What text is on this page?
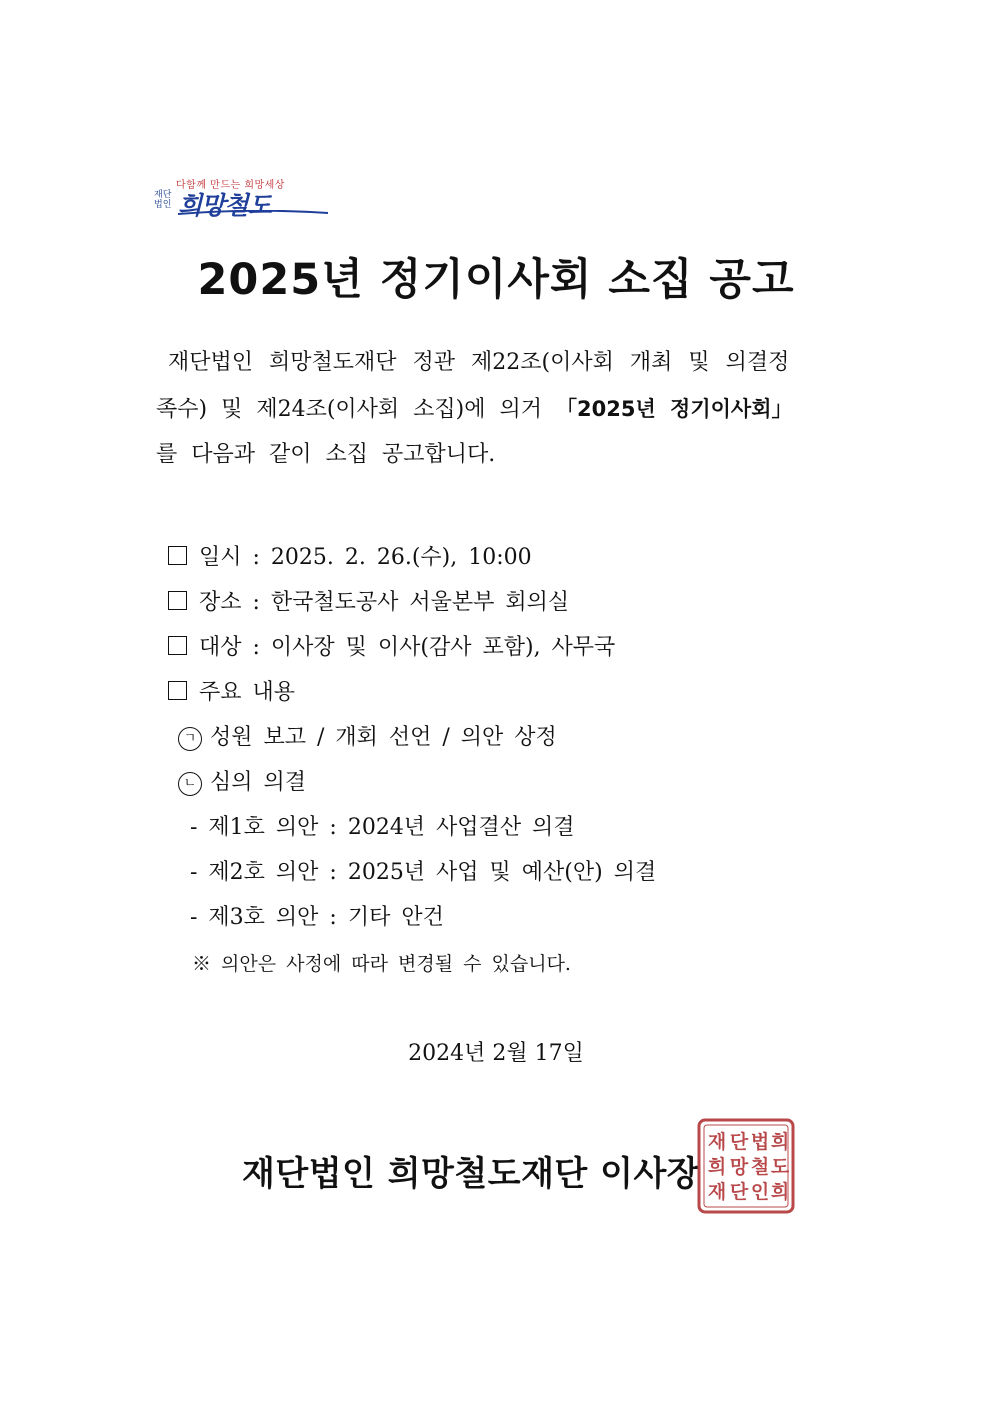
다함께 만드는 희망세상
재단
법인 희망철도
2025년 정기이사회 소집 공고
재단법인 희망철도재단 정관 제22조(이사회 개최 및 의결정
족수) 및 제24조(이사회 소집)에 의거 「2025년 정기이사회」
를 다음과 같이 소집 공고합니다.
일시 : 2025. 2. 26.(수), 10:00
장소 : 한국철도공사 서울본부 회의실
대상 : 이사장 및 이사(감사 포함), 사무국
주요 내용
ㄱ 성원 보고 / 개회 선언 / 의안 상정
ㄴ 심의 의결
- 제1호 의안 : 2024년 사업결산 의결
- 제2호 의안 : 2025년 사업 및 예산(안) 의결
- 제3호 의안 : 기타 안건
※ 의안은 사정에 따라 변경될 수 있습니다.
2024년 2월 17일
재단법인 희망철도재단 이사장
재
희
재
단
망
단
법
철
인
희
도
희
